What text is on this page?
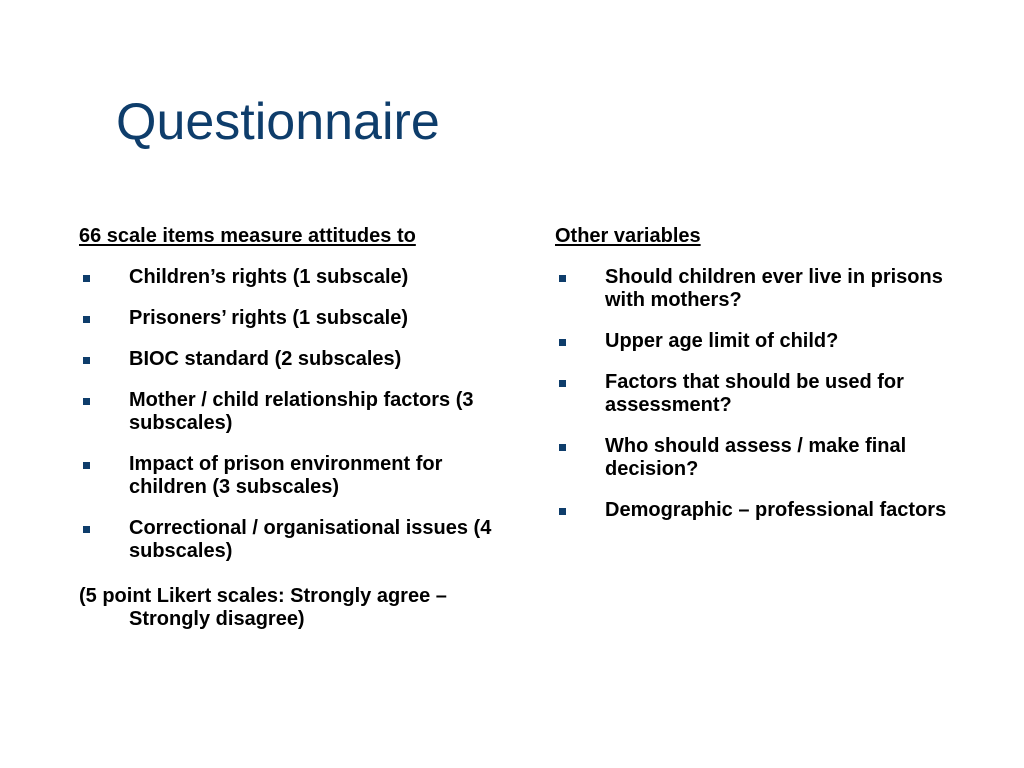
Questionnaire
66 scale items measure attitudes to
Children’s rights (1 subscale)
Prisoners’ rights (1 subscale)
BIOC standard (2 subscales)
Mother / child relationship factors (3 subscales)
Impact of prison environment for children (3 subscales)
Correctional / organisational issues (4 subscales)
(5 point Likert scales: Strongly agree – Strongly disagree)
Other variables
Should children ever live in prisons with mothers?
Upper age limit of child?
Factors that should be used for assessment?
Who should assess / make final decision?
Demographic – professional factors
